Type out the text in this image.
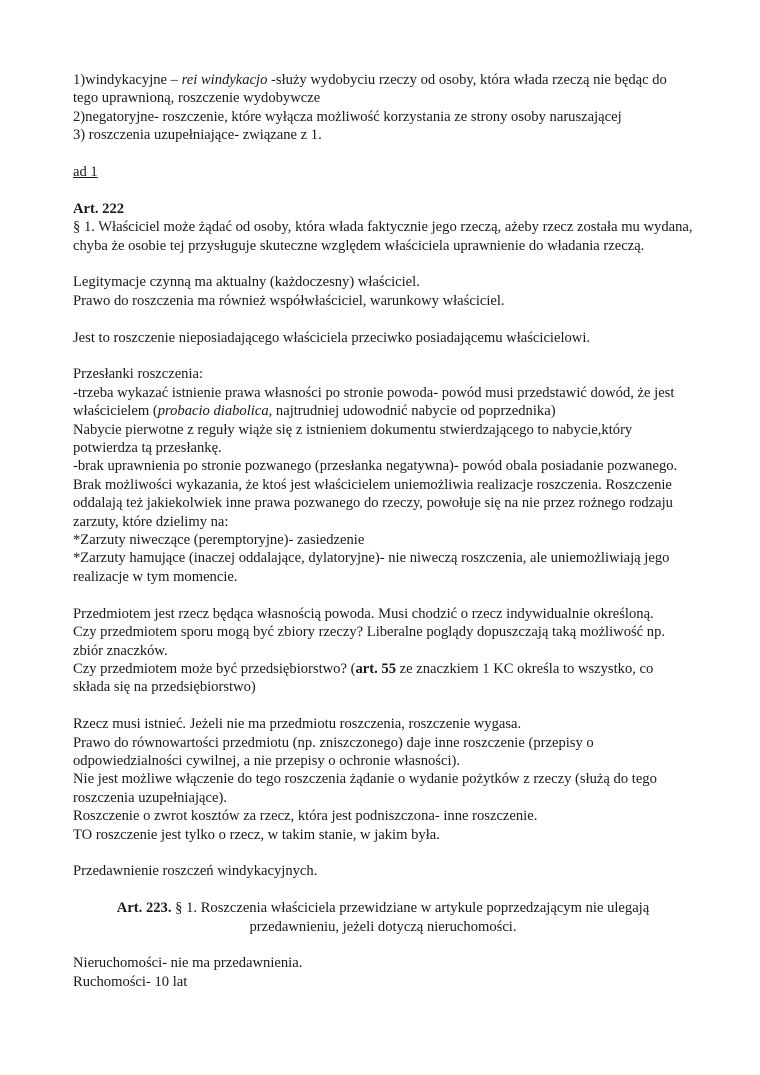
1)windykacyjne – rei windykacjo -służy wydobyciu rzeczy od osoby, która włada rzeczą nie będąc do tego uprawnioną, roszczenie wydobywcze

2)negatoryjne- roszczenie, które wyłącza możliwość korzystania ze strony osoby naruszającej

3) roszczenia uzupełniające- związane z 1.

ad 1

Art. 222

§ 1. Właściciel może żądać od osoby, która włada faktycznie jego rzeczą, ażeby rzecz została mu wydana, chyba że osobie tej przysługuje skuteczne względem właściciela uprawnienie do władania rzeczą.

Legitymacje czynną ma aktualny (każdoczesny) właściciel.

Prawo do roszczenia ma również współwłaściciel, warunkowy właściciel.

Jest to roszczenie nieposiadającego właściciela przeciwko posiadającemu właścicielowi.

Przesłanki roszczenia:

-trzeba wykazać istnienie prawa własności po stronie powoda- powód musi przedstawić dowód, że jest właścicielem (probacio diabolica, najtrudniej udowodnić nabycie od poprzednika)

Nabycie pierwotne z reguły wiąże się z istnieniem dokumentu stwierdzającego to nabycie,który potwierdza tą przesłankę.

-brak uprawnienia po stronie pozwanego (przesłanka negatywna)- powód obala posiadanie pozwanego. Brak możliwości wykazania, że ktoś jest właścicielem uniemożliwia realizacje roszczenia. Roszczenie oddalają też jakiekolwiek inne prawa pozwanego do rzeczy, powołuje się na nie przez rożnego rodzaju zarzuty, które dzielimy na:

*Zarzuty niweczące (peremptoryjne)- zasiedzenie

*Zarzuty hamujące (inaczej oddalające, dylatoryjne)- nie niweczą roszczenia, ale uniemożliwiają jego realizacje w tym momencie.

Przedmiotem jest rzecz będąca własnością powoda. Musi chodzić o rzecz indywidualnie określoną.

Czy przedmiotem sporu mogą być zbiory rzeczy? Liberalne poglądy dopuszczają taką możliwość np. zbiór znaczków.

Czy przedmiotem może być przedsiębiorstwo? (art. 55 ze znaczkiem 1 KC określa to wszystko, co składa się na przedsiębiorstwo)

Rzecz musi istnieć. Jeżeli nie ma przedmiotu roszczenia, roszczenie wygasa.

Prawo do równowartości przedmiotu (np. zniszczonego) daje inne roszczenie (przepisy o odpowiedzialności cywilnej, a nie przepisy o ochronie własności).

Nie jest możliwe włączenie do tego roszczenia żądanie o wydanie pożytków z rzeczy (służą do tego roszczenia uzupełniające).

Roszczenie o zwrot kosztów za rzecz, która jest podniszczona- inne roszczenie.

TO roszczenie jest tylko o rzecz, w takim stanie, w jakim była.

Przedawnienie roszczeń windykacyjnych.

Art. 223. § 1. Roszczenia właściciela przewidziane w artykule poprzedzającym nie ulegają przedawnieniu, jeżeli dotyczą nieruchomości.

Nieruchomości- nie ma przedawnienia.

Ruchomości- 10 lat
